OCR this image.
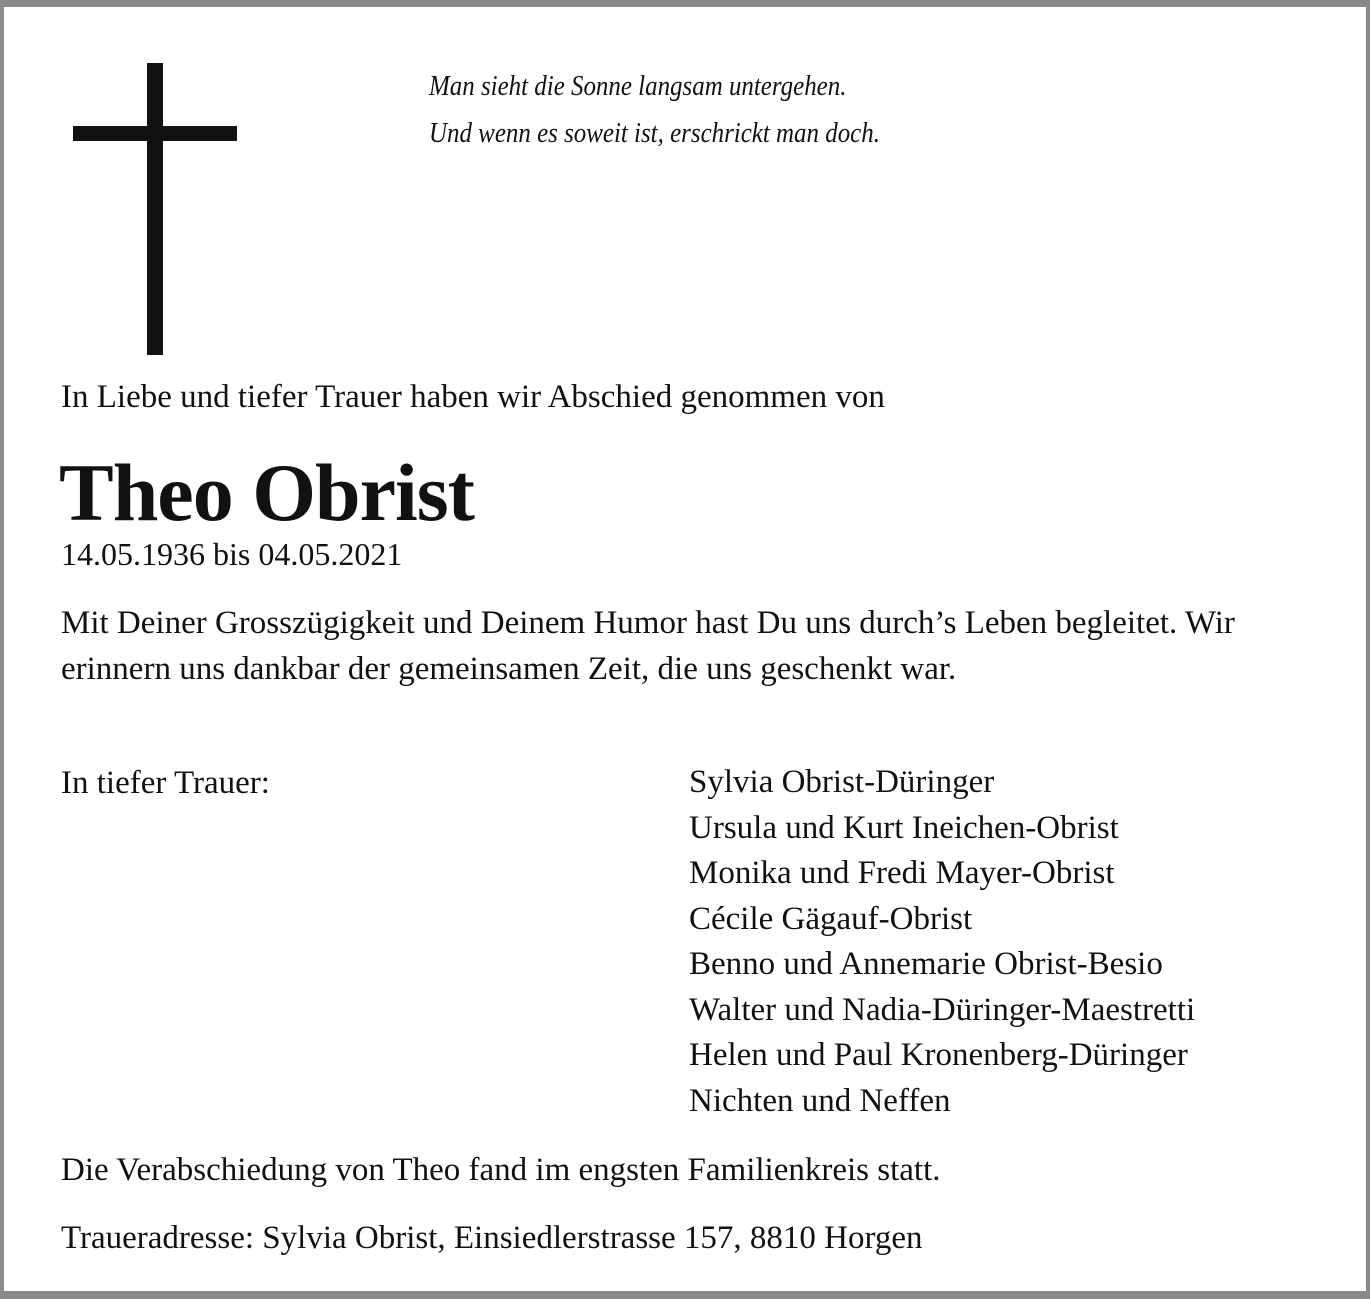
Man sieht die Sonne langsam untergehen.
Und wenn es soweit ist, erschrickt man doch.
In Liebe und tiefer Trauer haben wir Abschied genommen von
Theo Obrist
14.05.1936 bis 04.05.2021
Mit Deiner Grosszügigkeit und Deinem Humor hast Du uns durch’s Leben begleitet. Wir erinnern uns dankbar der gemeinsamen Zeit, die uns geschenkt war.
In tiefer Trauer:	Sylvia Obrist-Düringer
Ursula und Kurt Ineichen-Obrist
Monika und Fredi Mayer-Obrist
Cécile Gägauf-Obrist
Benno und Annemarie Obrist-Besio
Walter und Nadia-Düringer-Maestretti
Helen und Paul Kronenberg-Düringer
Nichten und Neffen
Die Verabschiedung von Theo fand im engsten Familienkreis statt.
Traueradresse: Sylvia Obrist, Einsiedlerstrasse 157, 8810 Horgen
